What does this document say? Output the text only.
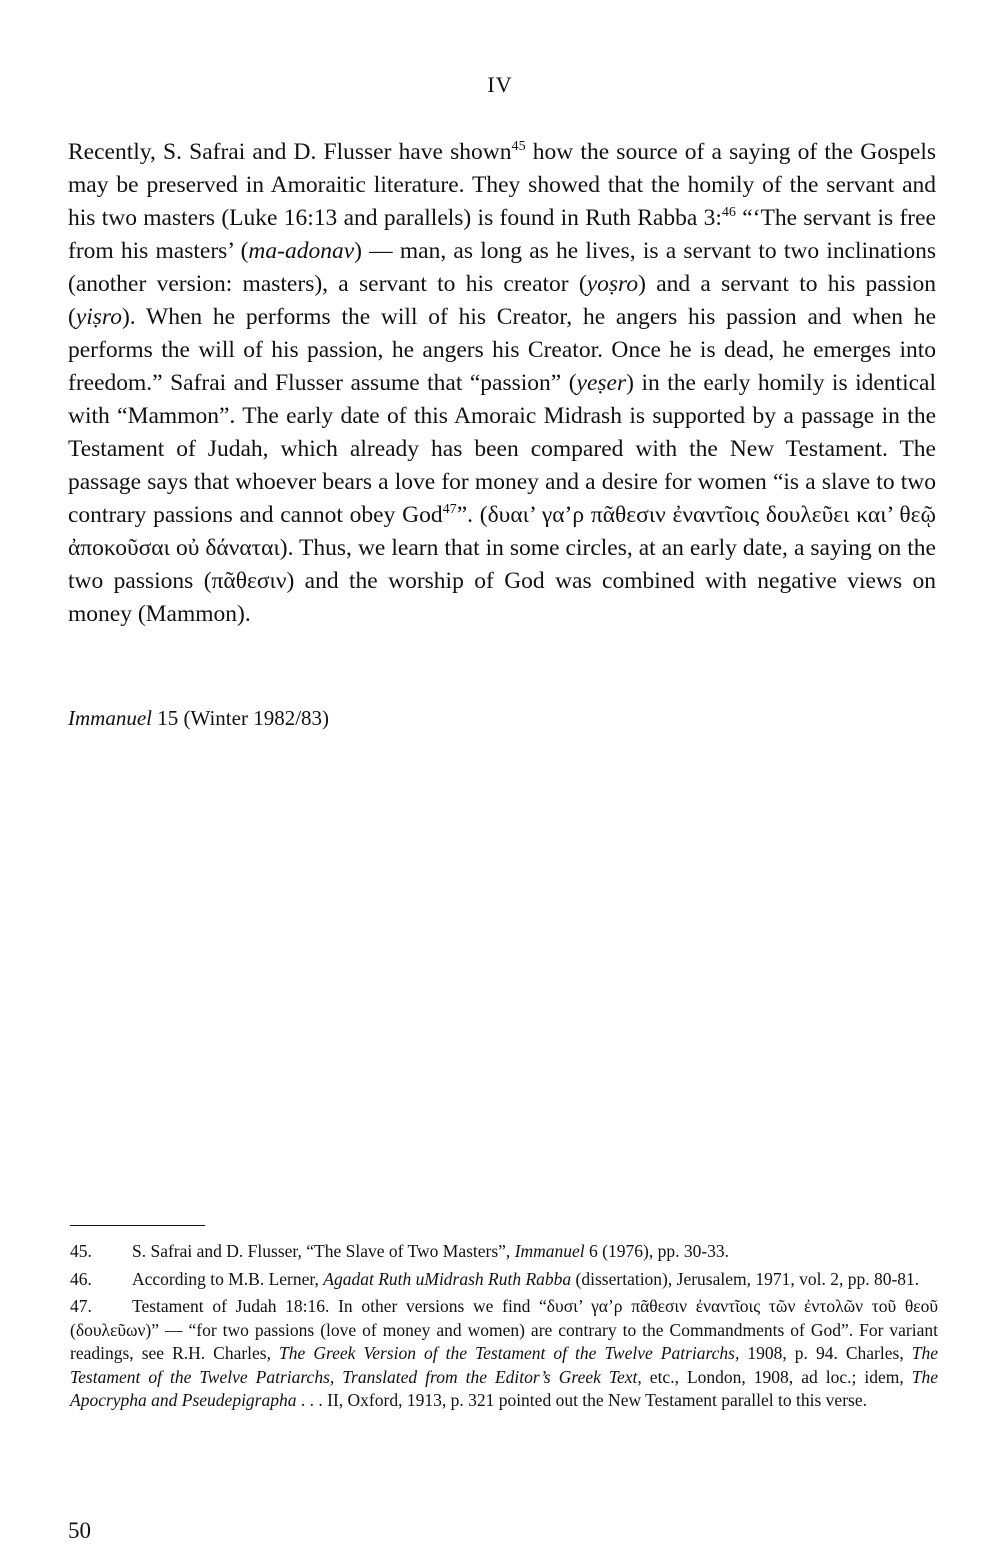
IV

Recently, S. Safrai and D. Flusser have shown$^{45}$ how the source of a saying of the Gospels may be preserved in Amoraitic literature. They showed that the homily of the servant and his two masters (Luke 16:13 and parallels) is found in Ruth Rabba 3:$^{46}$ “‘The servant is free from his masters’ (ma-adonav) — man, as long as he lives, is a servant to two inclinations (another version: masters), a servant to his creator (yoṣro) and a servant to his passion (yiṣro). When he performs the will of his Creator, he angers his passion and when he performs the will of his passion, he angers his Creator. Once he is dead, he emerges into freedom.” Safrai and Flusser assume that “passion” (yeṣer) in the early homily is identical with “Mammon”. The early date of this Amoraic Midrash is supported by a passage in the Testament of Judah, which already has been compared with the New Testament. The passage says that whoever bears a love for money and a desire for women “is a slave to two contrary passions and cannot obey God$^{47}$”. (δυαι’ γα’ρ πᾶθεσιν ἐναντῖοις δουλεῦει και’ θεῷ ἀποκοῦσαι οὐ δάναται). Thus, we learn that in some circles, at an early date, a saying on the two passions (πᾶθεσιν) and the worship of God was combined with negative views on money (Mammon).

Immanuel 15 (Winter 1982/83)
45. S. Safrai and D. Flusser, “The Slave of Two Masters”, Immanuel 6 (1976), pp. 30-33.
46. According to M.B. Lerner, Agadat Ruth uMidrash Ruth Rabba (dissertation), Jerusalem, 1971, vol. 2, pp. 80-81.
47. Testament of Judah 18:16. In other versions we find “δυσι’ γα’ρ πᾶθεσιν ἐναντῖοις τῶν ἐντολῶν τοῦ θεοῦ (δουλεῦων)” — “for two passions (love of money and women) are contrary to the Commandments of God”. For variant readings, see R.H. Charles, The Greek Version of the Testament of the Twelve Patriarchs, 1908, p. 94. Charles, The Testament of the Twelve Patriarchs, Translated from the Editor’s Greek Text, etc., London, 1908, ad loc.; idem, The Apocrypha and Pseudepigrapha . . . II, Oxford, 1913, p. 321 pointed out the New Testament parallel to this verse.
50
